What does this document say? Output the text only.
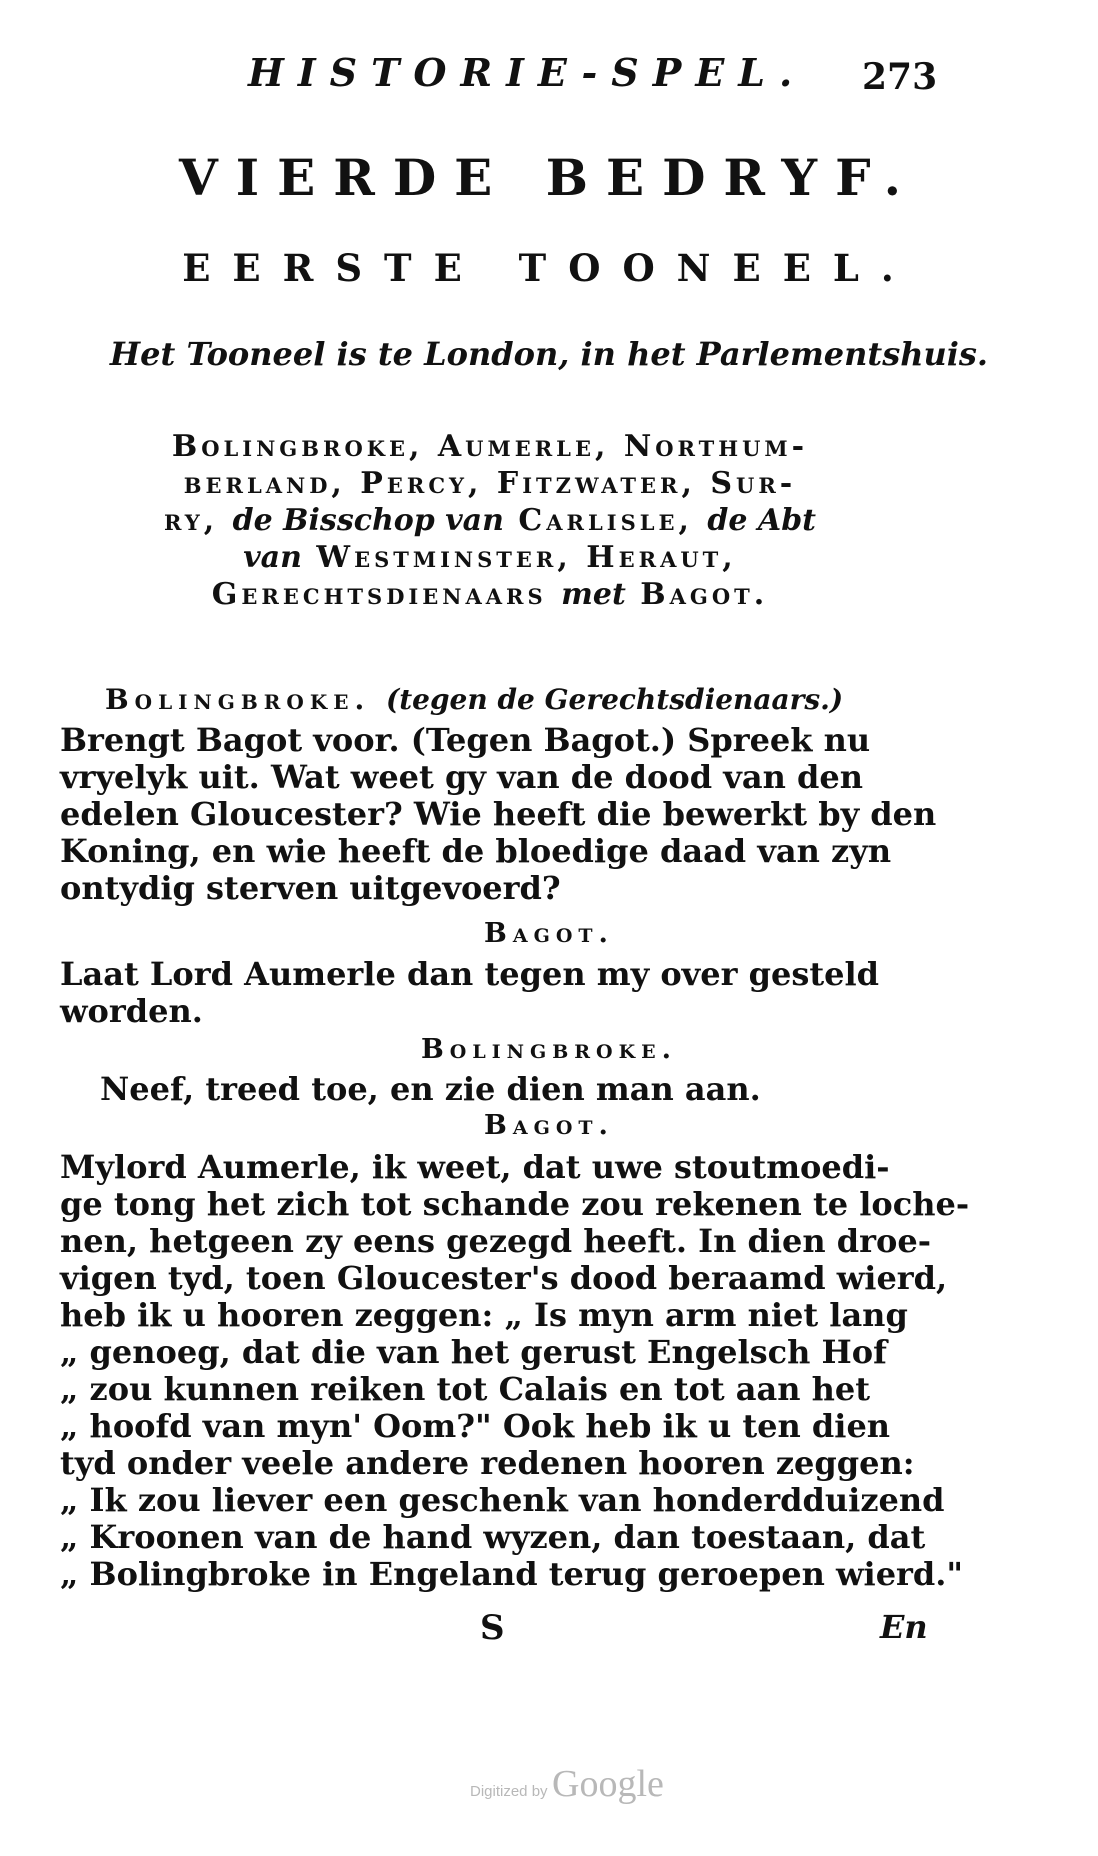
HISTORIE-SPEL. 273
VIERDE BEDRYF.
EERSTE TOONEEL.
Het Tooneel is te London, in het Parlementshuis.
Bolingbroke, Aumerle, Northum-
berland, Percy, Fitzwater, Sur-
ry, de Bisschop van Carlisle, de Abt
van Westminster, Heraut,
Gerechtsdienaars met Bagot.
Bolingbroke. (tegen de Gerechtsdienaars.)

Brengt Bagot voor. (Tegen Bagot.) Spreek nu

vryelyk uit. Wat weet gy van de dood van den

edelen Gloucester? Wie heeft die bewerkt by den

Koning, en wie heeft de bloedige daad van zyn

ontydig sterven uitgevoerd?

Bagot.

Laat Lord Aumerle dan tegen my over gesteld

worden.

Bolingbroke.

Neef, treed toe, en zie dien man aan.

Bagot.

Mylord Aumerle, ik weet, dat uwe stoutmoedi-

ge tong het zich tot schande zou rekenen te loche-

nen, hetgeen zy eens gezegd heeft. In dien droe-

vigen tyd, toen Gloucester's dood beraamd wierd,

heb ik u hooren zeggen: „ Is myn arm niet lang

„ genoeg, dat die van het gerust Engelsch Hof

„ zou kunnen reiken tot Calais en tot aan het

„ hoofd van myn' Oom?" Ook heb ik u ten dien

tyd onder veele andere redenen hooren zeggen:

„ Ik zou liever een geschenk van honderdduizend

„ Kroonen van de hand wyzen, dan toestaan, dat

„ Bolingbroke in Engeland terug geroepen wierd."

S	En
Digitized by Google
